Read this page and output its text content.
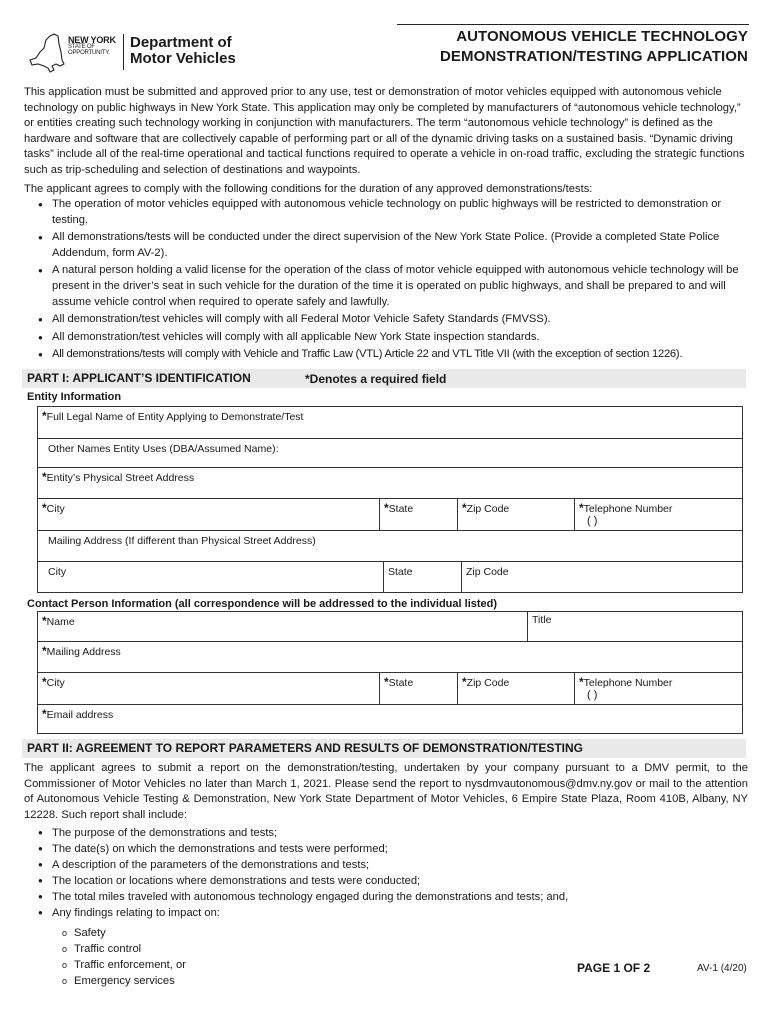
NEW YORK
STATE OF
OPPORTUNITY.
Department of
Motor Vehicles
AUTONOMOUS VEHICLE TECHNOLOGY
DEMONSTRATION/TESTING APPLICATION

This application must be submitted and approved prior to any use, test or demonstration of motor vehicles equipped with autonomous vehicle technology on public highways in New York State. This application may only be completed by manufacturers of “autonomous vehicle technology,” or entities creating such technology working in conjunction with manufacturers. The term “autonomous vehicle technology” is defined as the hardware and software that are collectively capable of performing part or all of the dynamic driving tasks on a sustained basis. “Dynamic driving tasks” include all of the real-time operational and tactical functions required to operate a vehicle in on-road traffic, excluding the strategic functions such as trip-scheduling and selection of destinations and waypoints.

The applicant agrees to comply with the following conditions for the duration of any approved demonstrations/tests:

● The operation of motor vehicles equipped with autonomous vehicle technology on public highways will be restricted to demonstration or testing.
● All demonstrations/tests will be conducted under the direct supervision of the New York State Police. (Provide a completed State Police Addendum, form AV-2).
● A natural person holding a valid license for the operation of the class of motor vehicle equipped with autonomous vehicle technology will be present in the driver’s seat in such vehicle for the duration of the time it is operated on public highways, and shall be prepared to and will assume vehicle control when required to operate safely and lawfully.
● All demonstration/test vehicles will comply with all Federal Motor Vehicle Safety Standards (FMVSS).
● All demonstration/test vehicles will comply with all applicable New York State inspection standards.
● All demonstrations/tests will comply with Vehicle and Traffic Law (VTL) Article 22 and VTL Title VII (with the exception of section 1226).
PART I: APPLICANT’S IDENTIFICATION	*Denotes a required field
Entity Information
*Full Legal Name of Entity Applying to Demonstrate/Test
Other Names Entity Uses (DBA/Assumed Name):
*Entity’s Physical Street Address
*City	*State	*Zip Code	*Telephone Number
( )
Mailing Address (If different than Physical Street Address)
City	State	Zip Code
Contact Person Information (all correspondence will be addressed to the individual listed)
*Name	Title
*Mailing Address
*City	*State	*Zip Code	*Telephone Number
( )
*Email address
PART II: AGREEMENT TO REPORT PARAMETERS AND RESULTS OF DEMONSTRATION/TESTING

The applicant agrees to submit a report on the demonstration/testing, undertaken by your company pursuant to a DMV permit, to the Commissioner of Motor Vehicles no later than March 1, 2021. Please send the report to nysdmvautonomous@dmv.ny.gov or mail to the attention of Autonomous Vehicle Testing & Demonstration, New York State Department of Motor Vehicles, 6 Empire State Plaza, Room 410B, Albany, NY 12228. Such report shall include:

● The purpose of the demonstrations and tests;
● The date(s) on which the demonstrations and tests were performed;
● A description of the parameters of the demonstrations and tests;
● The location or locations where demonstrations and tests were conducted;
● The total miles traveled with autonomous technology engaged during the demonstrations and tests; and,
● Any findings relating to impact on:
o Safety
o Traffic control
o Traffic enforcement, or
o Emergency services
PAGE 1 OF 2	AV-1 (4/20)
